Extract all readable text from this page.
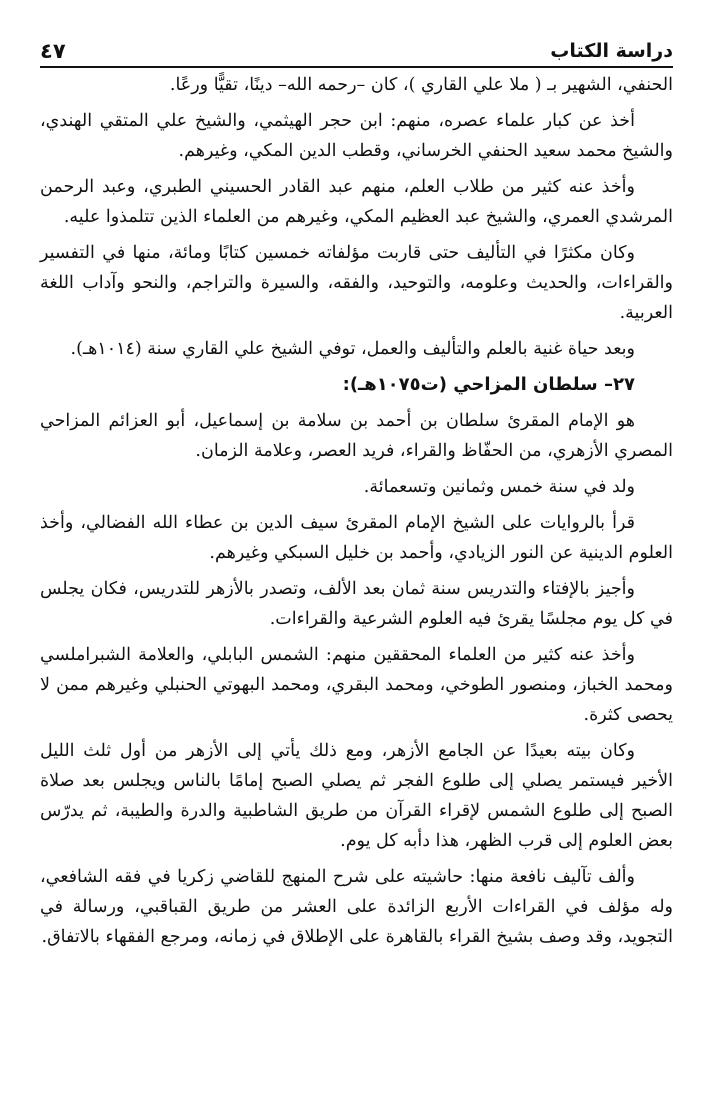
دراسة الكتاب
٤٧

الحنفي، الشهير بـ ( ملا علي القاري )، كان –رحمه الله– دينًا، تقيًّا ورعًا.

أخذ عن كبار علماء عصره، منهم: ابن حجر الهيثمي، والشيخ علي المتقي الهندي، والشيخ محمد سعيد الحنفي الخرساني، وقطب الدين المكي، وغيرهم.

وأخذ عنه كثير من طلاب العلم، منهم عبد القادر الحسيني الطبري، وعبد الرحمن المرشدي العمري، والشيخ عبد العظيم المكي، وغيرهم من العلماء الذين تتلمذوا عليه.

وكان مكثرًا في التأليف حتى قاربت مؤلفاته خمسين كتابًا ومائة، منها في التفسير والقراءات، والحديث وعلومه، والتوحيد، والفقه، والسيرة والتراجم، والنحو وآداب اللغة العربية.

وبعد حياة غنية بالعلم والتأليف والعمل، توفي الشيخ علي القاري سنة (١٠١٤هـ).

٢٧– سلطان المزاحي (ت١٠٧٥هـ):

هو الإمام المقرئ سلطان بن أحمد بن سلامة بن إسماعيل، أبو العزائم المزاحي المصري الأزهري، من الحفّاظ والقراء، فريد العصر، وعلامة الزمان.

ولد في سنة خمس وثمانين وتسعمائة.

قرأ بالروايات على الشيخ الإمام المقرئ سيف الدين بن عطاء الله الفضالي، وأخذ العلوم الدينية عن النور الزيادي، وأحمد بن خليل السبكي وغيرهم.

وأجيز بالإفتاء والتدريس سنة ثمان بعد الألف، وتصدر بالأزهر للتدريس، فكان يجلس في كل يوم مجلسًا يقرئ فيه العلوم الشرعية والقراءات.

وأخذ عنه كثير من العلماء المحققين منهم: الشمس البابلي، والعلامة الشبراملسي ومحمد الخباز، ومنصور الطوخي، ومحمد البقري، ومحمد البهوتي الحنبلي وغيرهم ممن لا يحصى كثرة.

وكان بيته بعيدًا عن الجامع الأزهر، ومع ذلك يأتي إلى الأزهر من أول ثلث الليل الأخير فيستمر يصلي إلى طلوع الفجر ثم يصلي الصبح إمامًا بالناس ويجلس بعد صلاة الصبح إلى طلوع الشمس لإقراء القرآن من طريق الشاطبية والدرة والطيبة، ثم يدرّس بعض العلوم إلى قرب الظهر، هذا دأبه كل يوم.

وألف تآليف نافعة منها: حاشيته على شرح المنهج للقاضي زكريا في فقه الشافعي، وله مؤلف في القراءات الأربع الزائدة على العشر من طريق القباقبي، ورسالة في التجويد، وقد وصف بشيخ القراء بالقاهرة على الإطلاق في زمانه، ومرجع الفقهاء بالاتفاق.
